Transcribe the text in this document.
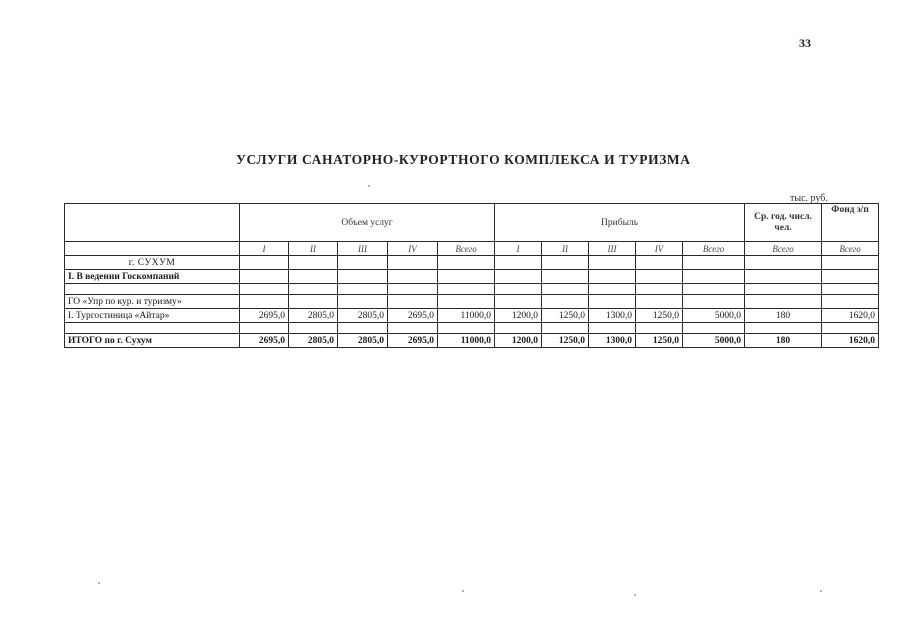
33
УСЛУГИ САНАТОРНО-КУРОРТНОГО КОМПЛЕКСА И ТУРИЗМА
тыс. руб.
	Объем услуг					Прибыль					Ср. год. числ. чел.	Фонд з/п
	I	II	III	IV	Всего	I	II	III	IV	Всего	Всего	Всего
г. СУХУМ												
I. В ведении Госкомпаний												

ГО «Упр по кур. и туризму»												
I. Тургостиница «Айтар»	2695,0	2805,0	2805,0	2695,0	11000,0	1200,0	1250,0	1300,0	1250,0	5000,0	180	1620,0

ИТОГО по г. Сухум	2695,0	2805,0	2805,0	2695,0	11000,0	1200,0	1250,0	1300,0	1250,0	5000,0	180	1620,0
